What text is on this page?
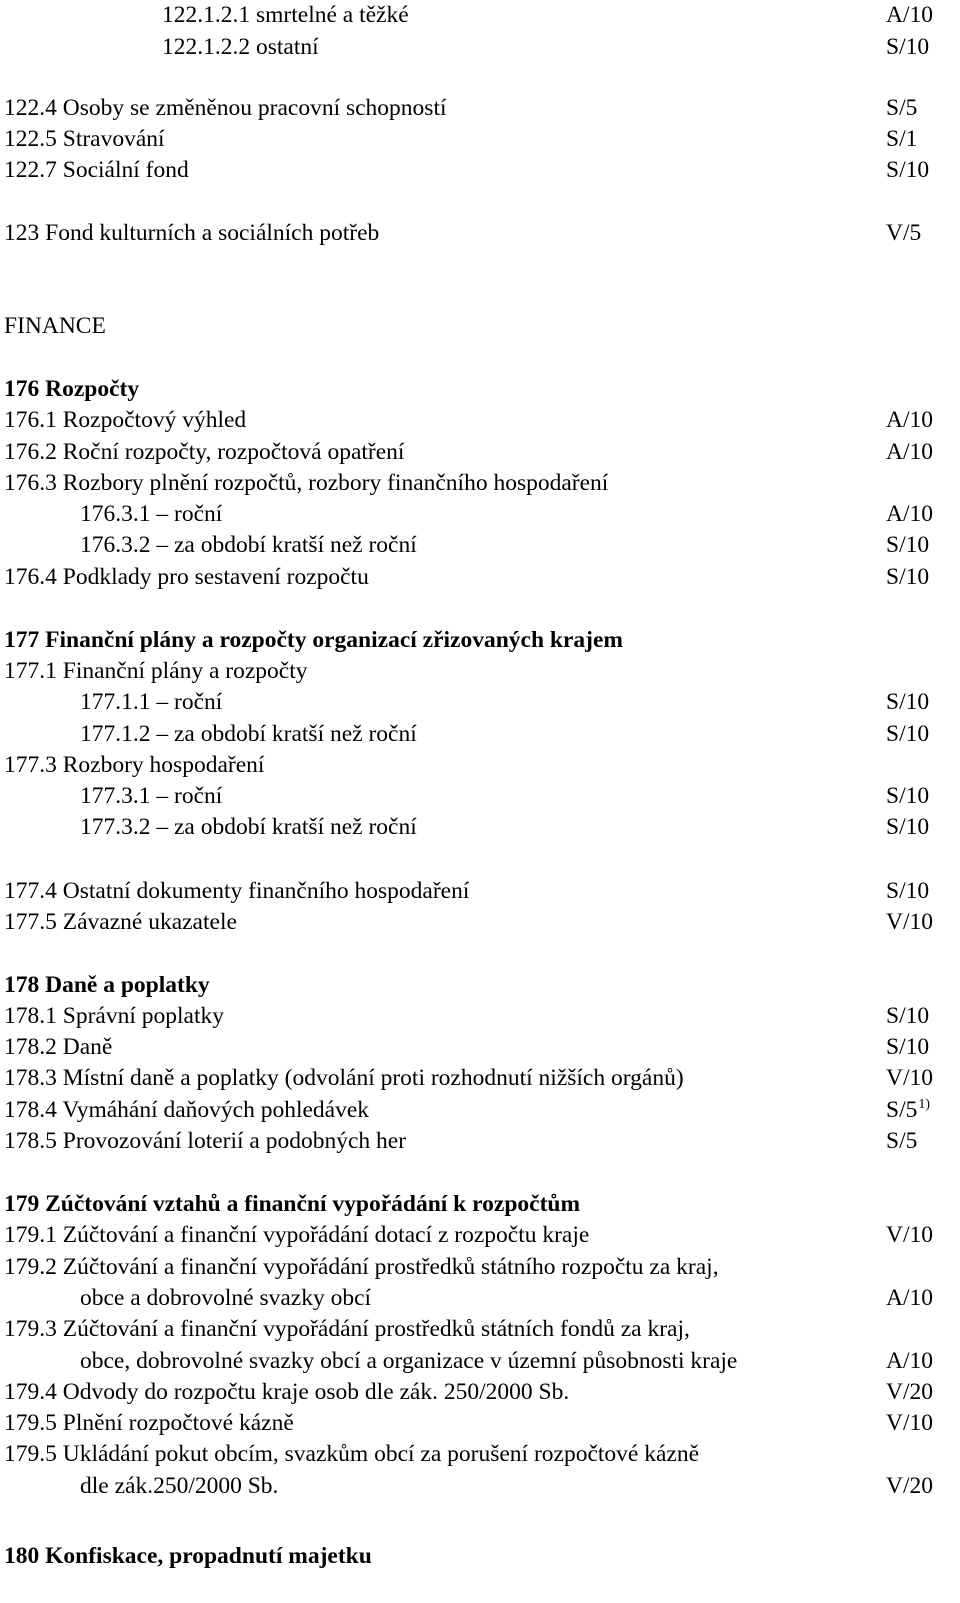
122.1.2.1 smrtelné a těžké	A/10
122.1.2.2 ostatní	S/10
122.4 Osoby se změněnou pracovní schopností	S/5
122.5 Stravování	S/1
122.7 Sociální fond	S/10
123 Fond kulturních a sociálních potřeb	V/5
FINANCE
176 Rozpočty
176.1 Rozpočtový výhled	A/10
176.2 Roční rozpočty, rozpočtová opatření	A/10
176.3 Rozbory plnění rozpočtů, rozbory finančního hospodaření
176.3.1 – roční	A/10
176.3.2 – za období kratší než roční	S/10
176.4 Podklady pro sestavení rozpočtu	S/10
177 Finanční plány a rozpočty organizací zřizovaných krajem
177.1 Finanční plány a rozpočty
177.1.1 – roční	S/10
177.1.2 – za období kratší než roční	S/10
177.3 Rozbory hospodaření
177.3.1 – roční	S/10
177.3.2 – za období kratší než roční	S/10
177.4 Ostatní dokumenty finančního hospodaření	S/10
177.5 Závazné ukazatele	V/10
178 Daně a poplatky
178.1 Správní poplatky	S/10
178.2 Daně	S/10
178.3 Místní daně a poplatky (odvolání proti rozhodnutí nižších orgánů)	V/10
178.4 Vymáhání daňových pohledávek	S/5$^{1)}$
178.5 Provozování loterií a podobných her	S/5
179 Zúčtování vztahů a finanční vypořádání k rozpočtům
179.1 Zúčtování a finanční vypořádání dotací z rozpočtu kraje	V/10
179.2 Zúčtování a finanční vypořádání prostředků státního rozpočtu za kraj,
obce a dobrovolné svazky obcí	A/10
179.3 Zúčtování a finanční vypořádání prostředků státních fondů za kraj,
obce, dobrovolné svazky obcí a organizace v územní působnosti kraje	A/10
179.4 Odvody do rozpočtu kraje osob dle zák. 250/2000 Sb.	V/20
179.5 Plnění rozpočtové kázně	V/10
179.5 Ukládání pokut obcím, svazkům obcí za porušení rozpočtové kázně
dle zák.250/2000 Sb.	V/20
180 Konfiskace, propadnutí majetku
